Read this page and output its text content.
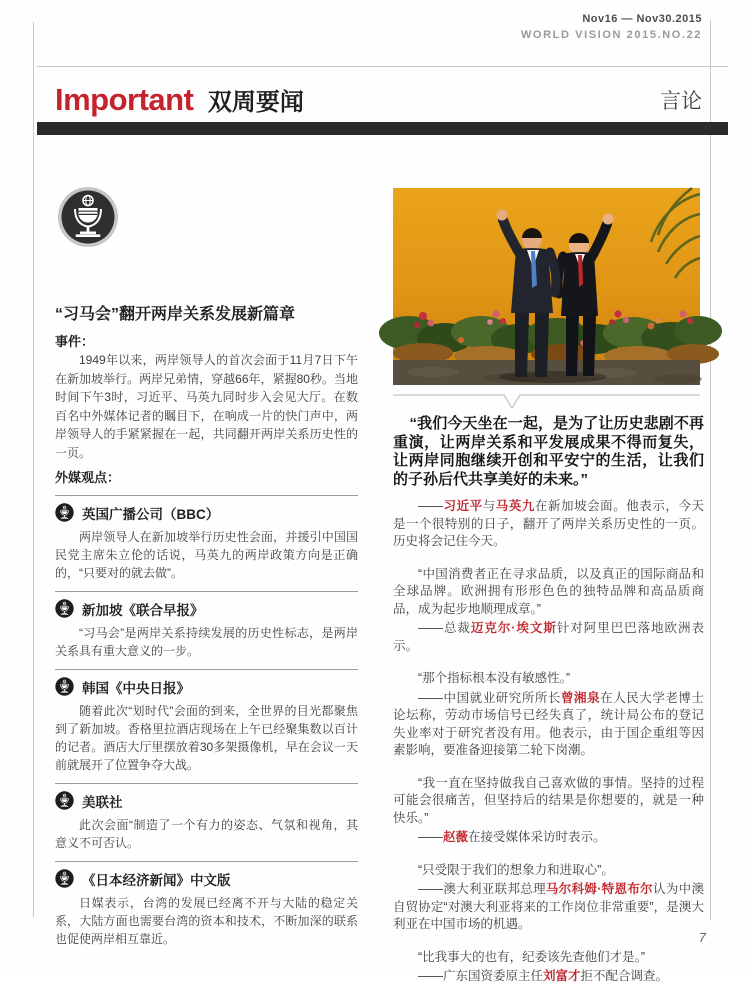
Nov16 — Nov30.2015
WORLD VISION 2015.NO.22
Important 双周要闻	言论
“习马会”翻开两岸关系发展新篇章
事件：

1949年以来，两岸领导人的首次会面于11月7日下午在新加坡举行。两岸兄弟情，穿越66年，紧握80秒。当地时间下午3时，习近平、马英九同时步入会见大厅。在数百名中外媒体记者的瞩目下，在响成一片的快门声中，两岸领导人的手紧紧握在一起，共同翻开两岸关系历史性的一页。

外媒观点：
英国广播公司（BBC）

两岸领导人在新加坡举行历史性会面，并援引中国国民党主席朱立伦的话说，马英九的两岸政策方向是正确的，“只要对的就去做”。

新加坡《联合早报》

“习马会”是两岸关系持续发展的历史性标志，是两岸关系具有重大意义的一步。

韩国《中央日报》

随着此次“划时代”会面的到来，全世界的目光都聚焦到了新加坡。香格里拉酒店现场在上午已经聚集数以百计的记者。酒店大厅里摆放着30多架摄像机，早在会议一天前就展开了位置争夺大战。

美联社

此次会面“制造了一个有力的姿态、气氛和视角，其意义不可否认。

《日本经济新闻》中文版

日媒表示，台湾的发展已经离不开与大陆的稳定关系，大陆方面也需要台湾的资本和技术，不断加深的联系也促使两岸相互靠近。

“我们今天坐在一起，是为了让历史悲剧不再重演，让两岸关系和平发展成果不得而复失，让两岸同胞继续开创和平安宁的生活，让我们的子孙后代共享美好的未来。”

——习近平与马英九在新加坡会面。他表示，今天是一个很特别的日子，翻开了两岸关系历史性的一页。历史将会记住今天。

“中国消费者正在寻求品质，以及真正的国际商品和全球品牌。欧洲拥有形形色色的独特品牌和高品质商品，成为起步地顺理成章。”

——总裁迈克尔·埃文斯针对阿里巴巴落地欧洲表示。

“那个指标根本没有敏感性。”

——中国就业研究所所长曾湘泉在人民大学老博士论坛称，劳动市场信号已经失真了，统计局公布的登记失业率对于研究者没有用。他表示，由于国企重组等因素影响，要准备迎接第二轮下岗潮。

“我一直在坚持做我自己喜欢做的事情。坚持的过程可能会很痛苦，但坚持后的结果是你想要的，就是一种快乐。”

——赵薇在接受媒体采访时表示。

“只受限于我们的想象力和进取心”。

——澳大利亚联邦总理马尔科姆·特恩布尔认为中澳自贸协定“对澳大利亚将来的工作岗位非常重要”，是澳大利亚在中国市场的机遇。

“比我事大的也有，纪委该先查他们才是。”

——广东国资委原主任刘富才拒不配合调查。

7
